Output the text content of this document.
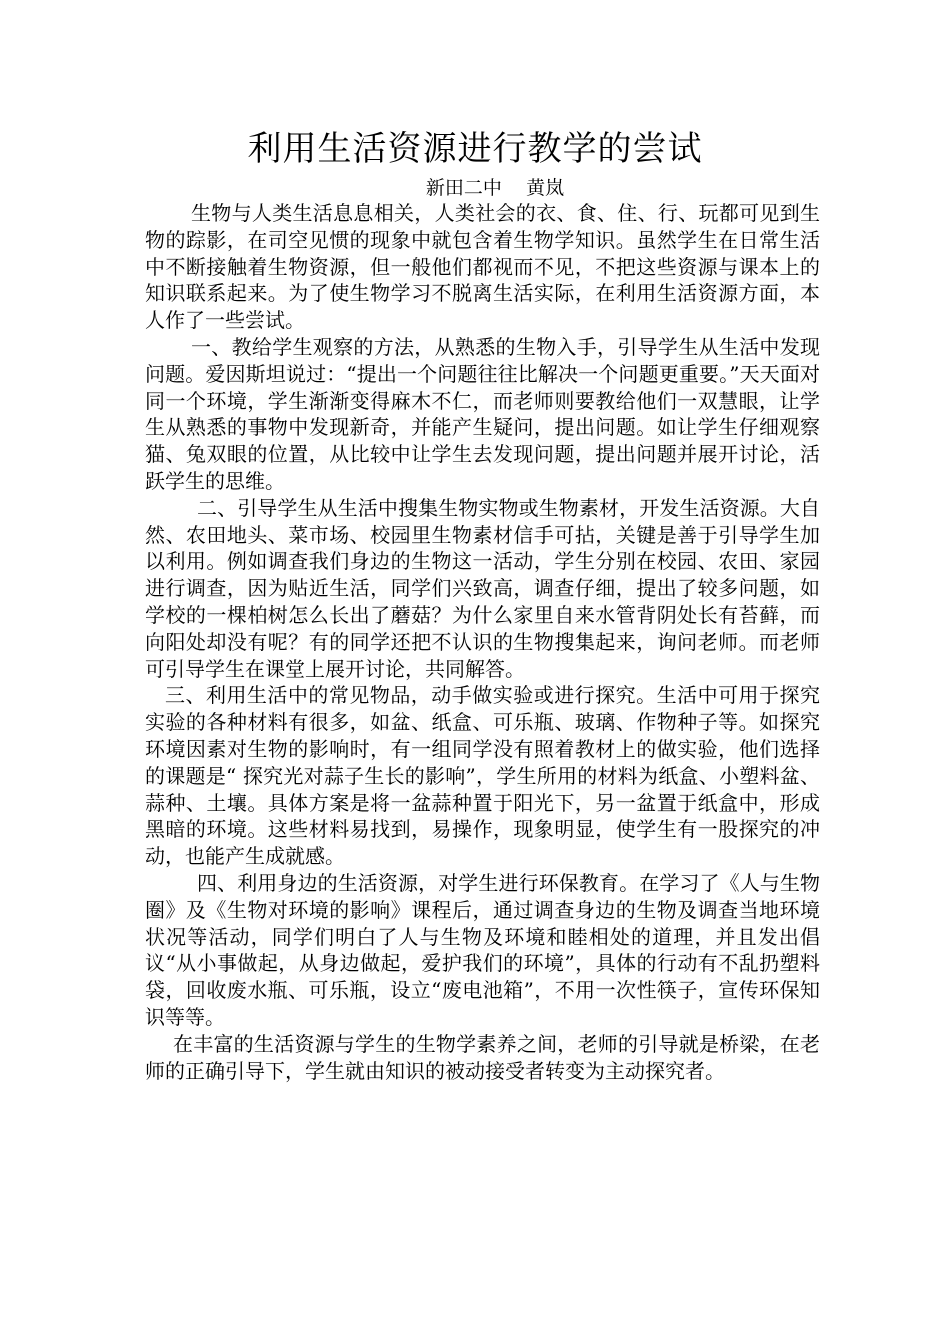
利用生活资源进行教学的尝试
新田二中    黄岚

生物与人类生活息息相关，人类社会的衣、食、住、行、玩都可见到生物的踪影，在司空见惯的现象中就包含着生物学知识。虽然学生在日常生活中不断接触着生物资源，但一般他们都视而不见，不把这些资源与课本上的知识联系起来。为了使生物学习不脱离生活实际，在利用生活资源方面，本人作了一些尝试。

一、教给学生观察的方法，从熟悉的生物入手，引导学生从生活中发现问题。爱因斯坦说过：“提出一个问题往往比解决一个问题更重要。”天天面对同一个环境，学生渐渐变得麻木不仁，而老师则要教给他们一双慧眼，让学生从熟悉的事物中发现新奇，并能产生疑问，提出问题。如让学生仔细观察猫、兔双眼的位置，从比较中让学生去发现问题，提出问题并展开讨论，活跃学生的思维。

二、引导学生从生活中搜集生物实物或生物素材，开发生活资源。大自然、农田地头、菜市场、校园里生物素材信手可拈，关键是善于引导学生加以利用。例如调查我们身边的生物这一活动，学生分别在校园、农田、家园进行调查，因为贴近生活，同学们兴致高，调查仔细，提出了较多问题，如学校的一棵柏树怎么长出了蘑菇？为什么家里自来水管背阴处长有苔藓，而向阳处却没有呢？有的同学还把不认识的生物搜集起来，询问老师。而老师可引导学生在课堂上展开讨论，共同解答。

三、利用生活中的常见物品，动手做实验或进行探究。生活中可用于探究实验的各种材料有很多，如盆、纸盒、可乐瓶、玻璃、作物种子等。如探究环境因素对生物的影响时，有一组同学没有照着教材上的做实验，他们选择的课题是“ 探究光对蒜子生长的影响”，学生所用的材料为纸盒、小塑料盆、蒜种、土壤。具体方案是将一盆蒜种置于阳光下，另一盆置于纸盒中，形成黑暗的环境。这些材料易找到，易操作，现象明显，使学生有一股探究的冲动，也能产生成就感。

四、利用身边的生活资源，对学生进行环保教育。在学习了《人与生物圈》及《生物对环境的影响》课程后，通过调查身边的生物及调查当地环境状况等活动，同学们明白了人与生物及环境和睦相处的道理，并且发出倡议“从小事做起，从身边做起，爱护我们的环境”，具体的行动有不乱扔塑料袋，回收废水瓶、可乐瓶，设立“废电池箱”，不用一次性筷子，宣传环保知识等等。

在丰富的生活资源与学生的生物学素养之间，老师的引导就是桥梁，在老师的正确引导下，学生就由知识的被动接受者转变为主动探究者。
